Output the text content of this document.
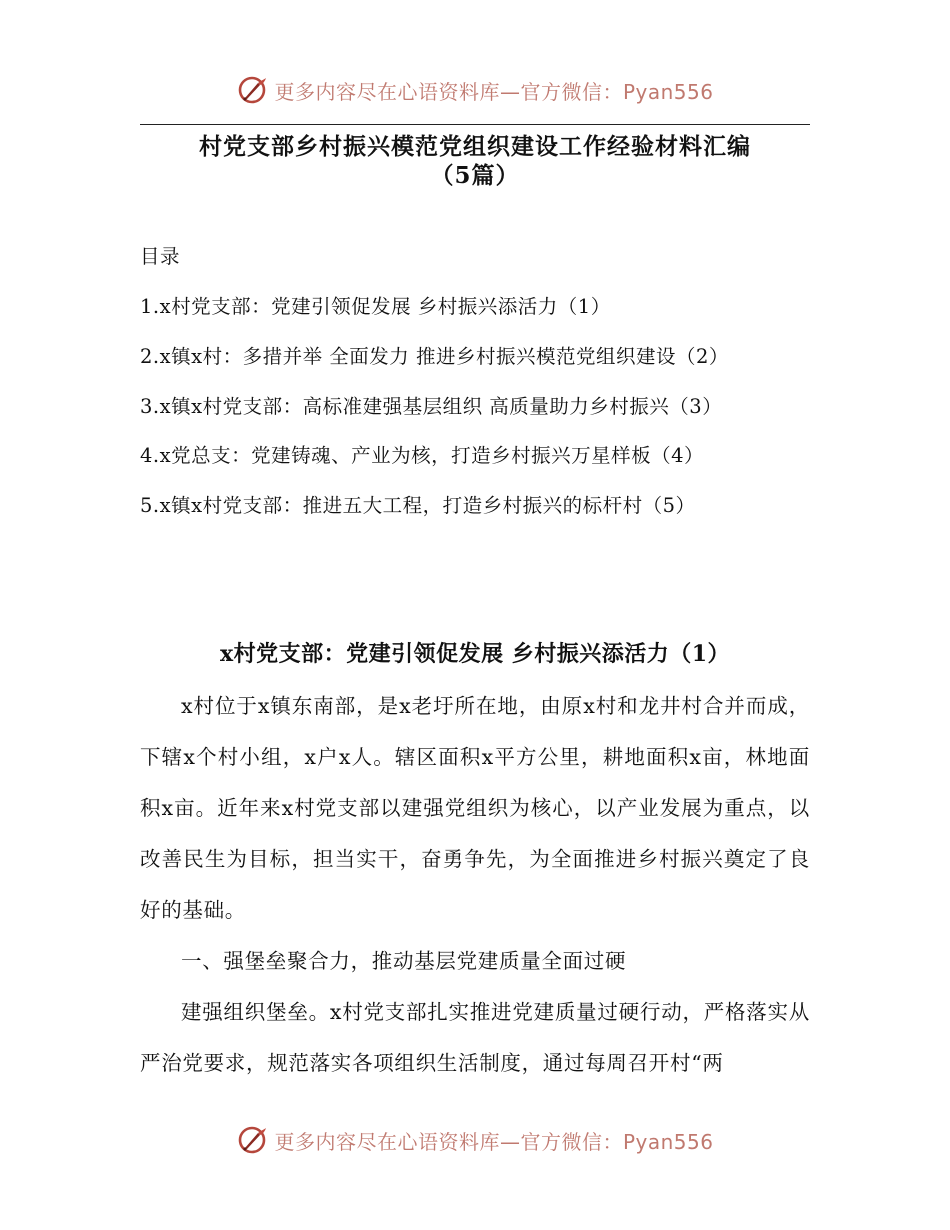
更多内容尽在心语资料库—官方微信：Pyan556
村党支部乡村振兴模范党组织建设工作经验材料汇编
（5篇）
目录
1.x村党支部：党建引领促发展 乡村振兴添活力（1）
2.x镇x村：多措并举 全面发力 推进乡村振兴模范党组织建设（2）
3.x镇x村党支部：高标准建强基层组织 高质量助力乡村振兴（3）
4.x党总支：党建铸魂、产业为核，打造乡村振兴万星样板（4）
5.x镇x村党支部：推进五大工程，打造乡村振兴的标杆村（5）
x村党支部：党建引领促发展 乡村振兴添活力（1）

x村位于x镇东南部，是x老圩所在地，由原x村和龙井村合并而成，下辖x个村小组，x户x人。辖区面积x平方公里，耕地面积x亩，林地面积x亩。近年来x村党支部以建强党组织为核心，以产业发展为重点，以改善民生为目标，担当实干，奋勇争先，为全面推进乡村振兴奠定了良好的基础。

一、强堡垒聚合力，推动基层党建质量全面过硬

建强组织堡垒。x村党支部扎实推进党建质量过硬行动，严格落实从严治党要求，规范落实各项组织生活制度，通过每周召开村“两

更多内容尽在心语资料库—官方微信：Pyan556
